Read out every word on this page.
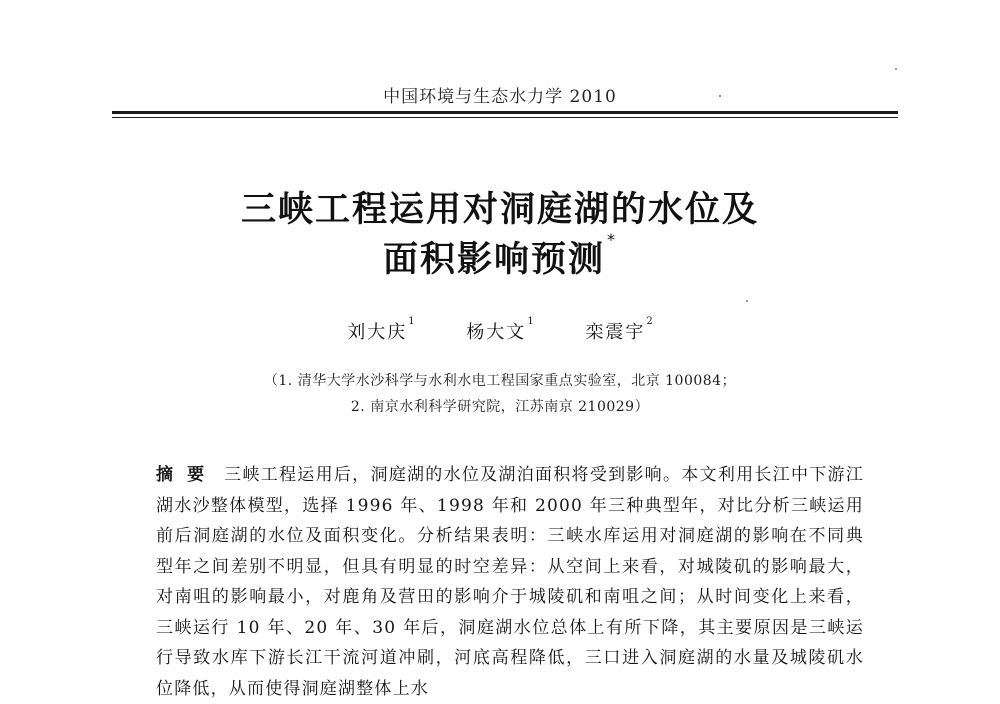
中国环境与生态水力学 2010
三峡工程运用对洞庭湖的水位及
面积影响预测*
刘大庆$^1$ 杨大文$^1$ 栾震宇$^2$
（1. 清华大学水沙科学与水利水电工程国家重点实验室，北京 100084；
2. 南京水利科学研究院，江苏南京 210029）
摘要 三峡工程运用后，洞庭湖的水位及湖泊面积将受到影响。本文利用长江中下游江湖水沙整体模型，选择 1996 年、1998 年和 2000 年三种典型年，对比分析三峡运用前后洞庭湖的水位及面积变化。分析结果表明：三峡水库运用对洞庭湖的影响在不同典型年之间差别不明显，但具有明显的时空差异：从空间上来看，对城陵矶的影响最大，对南咀的影响最小，对鹿角及营田的影响介于城陵矶和南咀之间；从时间变化上来看，三峡运行 10 年、20 年、30 年后，洞庭湖水位总体上有所下降，其主要原因是三峡运行导致水库下游长江干流河道冲刷，河底高程降低，三口进入洞庭湖的水量及城陵矶水位降低，从而使得洞庭湖整体上水
